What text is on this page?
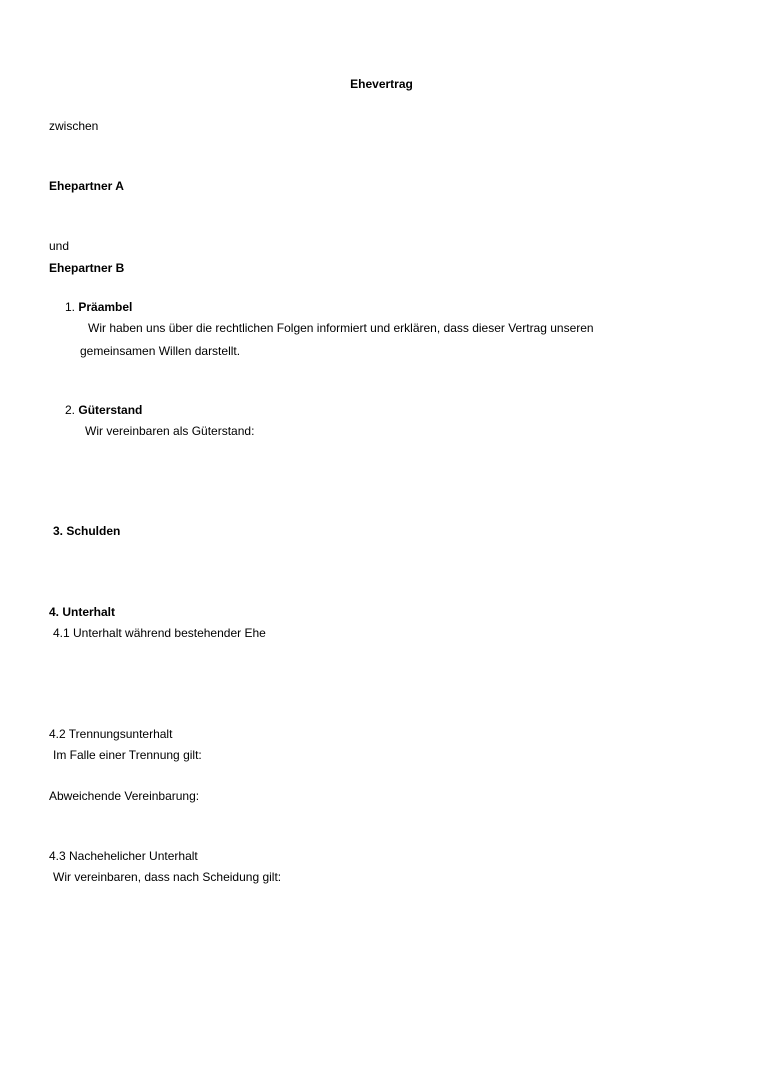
Ehevertrag
zwischen
Ehepartner A
und
Ehepartner B
1. Präambel
Wir haben uns über die rechtlichen Folgen informiert und erklären, dass dieser Vertrag unseren
gemeinsamen Willen darstellt.
2. Güterstand
Wir vereinbaren als Güterstand:
3. Schulden
4. Unterhalt
4.1 Unterhalt während bestehender Ehe
4.2 Trennungsunterhalt
Im Falle einer Trennung gilt:
Abweichende Vereinbarung:
4.3 Nachehelicher Unterhalt
Wir vereinbaren, dass nach Scheidung gilt:
